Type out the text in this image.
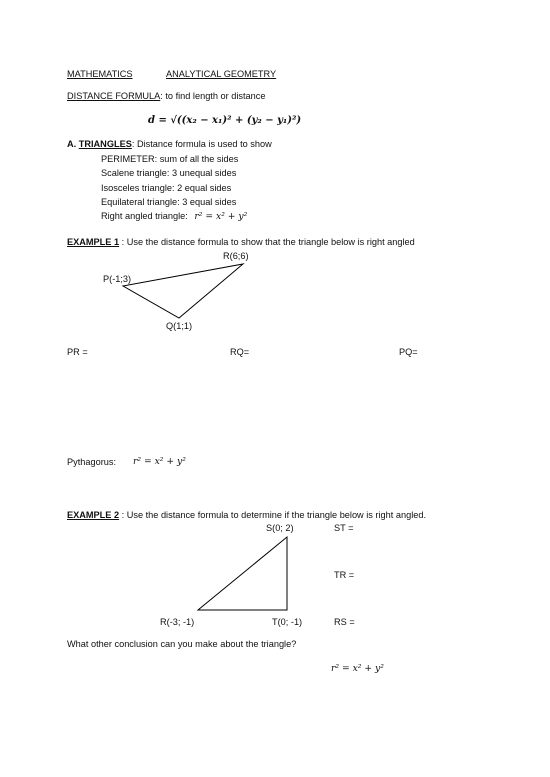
MATHEMATICS	ANALYTICAL GEOMETRY
DISTANCE FORMULA: to find length or distance
d = √((x₂ − x₁)² + (y₂ − y₁)²)
A. TRIANGLES: Distance formula is used to show
PERIMETER: sum of all the sides
Scalene triangle: 3 unequal sides
Isosceles triangle: 2 equal sides
Equilateral triangle: 3 equal sides
Right angled triangle: r² = x² + y²
EXAMPLE 1 : Use the distance formula to show that the triangle below is right angled
R(6;6)
P(-1;3)
Q(1;1)
PR =	RQ=	PQ=
Pythagorus: r² = x² + y²
EXAMPLE 2 : Use the distance formula to determine if the triangle below is right angled.
S(0; 2)	ST =
TR =
R(-3; -1)	T(0; -1)	RS =
What other conclusion can you make about the triangle?
r² = x² + y²
